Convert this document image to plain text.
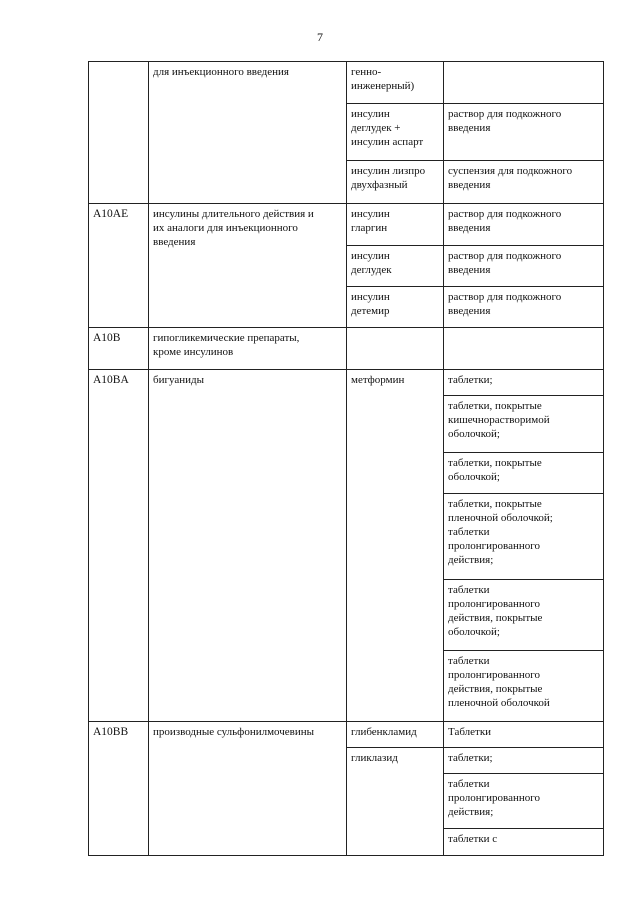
7

	для инъекционного введения	генно-
инженерный)	

		инсулин
деглудек +
инсулин аспарт	раствор для подкожного
введения

		инсулин лизпро
двухфазный	суспензия для подкожного
введения

A10AE	инсулины длительного действия и
их аналоги для инъекционного
введения	инсулин
гларгин	раствор для подкожного
введения

		инсулин
деглудек	раствор для подкожного
введения

		инсулин
детемир	раствор для подкожного
введения

A10B	гипогликемические препараты,
кроме инсулинов		

A10BA	бигуаниды	метформин	таблетки;

			таблетки, покрытые
кишечнорастворимой
оболочкой;

			таблетки, покрытые
оболочкой;

			таблетки, покрытые
пленочной оболочкой;
таблетки
пролонгированного
действия;

			таблетки
пролонгированного
действия, покрытые
оболочкой;

			таблетки
пролонгированного
действия, покрытые
пленочной оболочкой

A10BB	производные сульфонилмочевины	глибенкламид	Таблетки

		гликлазид	таблетки;

			таблетки
пролонгированного
действия;

			таблетки с
